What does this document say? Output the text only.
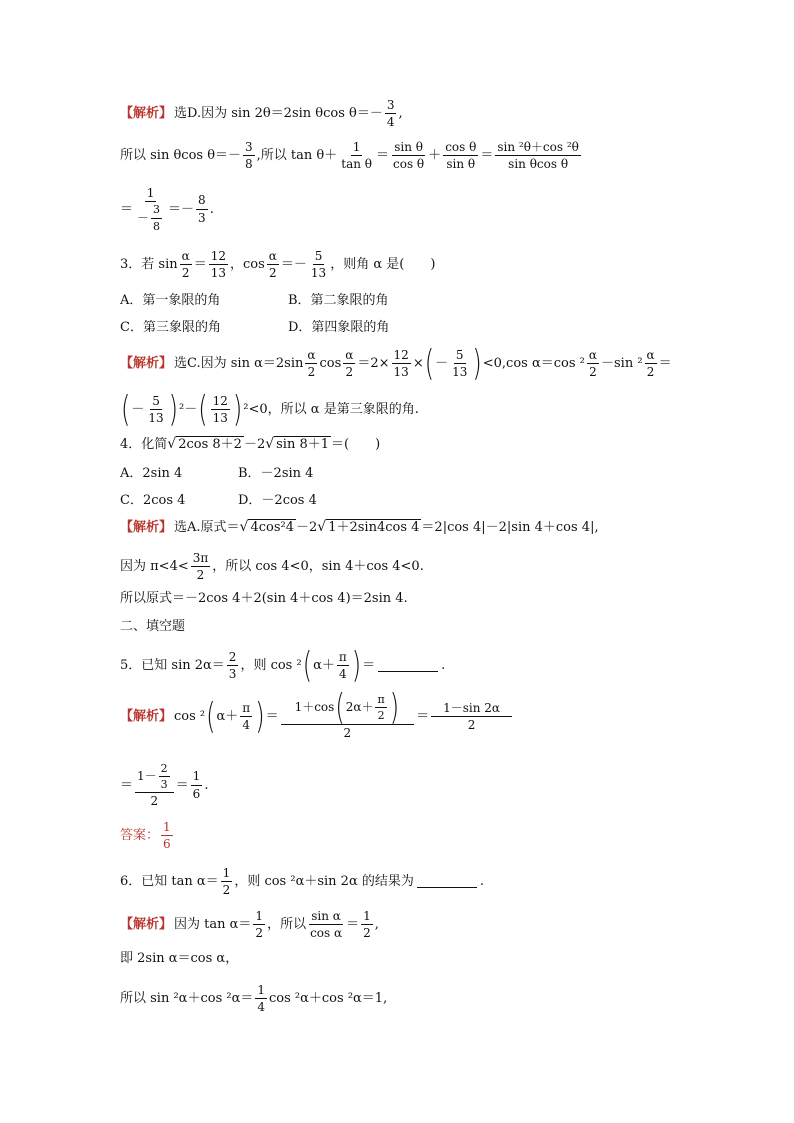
【解析】 选D.因为 sin 2θ＝2sin θcos $\theta=- \frac{3}{4}$ ,
所以 sin θcos $\theta=- \frac{3}{8}$ ,所以 $\tan \theta+ \frac{1}{\text{tan θ}} = \frac{\text{sin θ}}{\text{cos θ}} + \frac{\text{cos θ}}{\text{sin θ}} = \frac{\text{sin ²θ＋cos ²θ}}{\text{sin θcos θ}}$
＝ $\frac{1}{- \frac{3}{8}} =- \frac{8}{3}$ .
3．若 $\sin \frac{\alpha}{2} = \frac{12}{13}$ ，$\cos \frac{\alpha}{2} =- \frac{5}{13}$ ，则角 α 是(　　)
A．第一象限的角	B．第二象限的角
C．第三象限的角	D．第四象限的角
【解析】 选C.因为 $\sin \alpha=2\sin \frac{\alpha}{2}$ $\cos \frac{\alpha}{2} =2\times \frac{12}{13}$ × ( － $\frac{5}{13}$ ) <0,cos α＝cos $^2 \frac{\alpha}{2} -\sin$ $^2 \frac{\alpha}{2}$ ＝
( － $\frac{5}{13}$ ) ²－ ( $\frac{12}{13}$ ) ²<0，所以 α 是第三象限的角.
4．化简 √ 2cos 8＋2 －2 √ sin 8＋1 ＝(　　)
A．2sin 4	B．－2sin 4
C．2cos 4	D．－2cos 4
【解析】 选A.原式＝ √ 4cos²4 －2 √ 1＋2sin4cos 4 ＝2|cos 4|－2|sin 4＋cos 4|,
因为 $\pi<4< \frac{3\pi}{2}$ ，所以 cos 4<0，sin 4＋cos 4<0.
所以原式＝－2cos 4＋2(sin 4＋cos 4)＝2sin 4.
二、填空题
5．已知 $\sin 2\alpha= \frac{2}{3}$ ，则 cos ² ( $\alpha+ \frac{\pi}{4}$ ) ＝	.
【解析】 cos ² ( $\alpha+ \frac{\pi}{4}$ ) ＝ $\frac{1+\cos ( 2\alpha+ \frac{\pi}{2} )}{2} = \frac{1-\sin 2\alpha}{2}$
＝ $\frac{1- \frac{2}{3}}{2} = \frac{1}{6}$ .
答案： $\frac{1}{6}$
6．已知 $\tan \alpha= \frac{1}{2}$ ，则 cos ²α＋sin 2α 的结果为	.
【解析】 因为 $\tan \alpha= \frac{1}{2}$ ，所以 $\frac{\text{sin α}}{\text{cos α}} = \frac{1}{2}$ ,
即 2sin α＝cos α，
所以 sin ²α＋cos $^2\alpha= \frac{1}{4}$ cos ²α＋cos ²α＝1,
